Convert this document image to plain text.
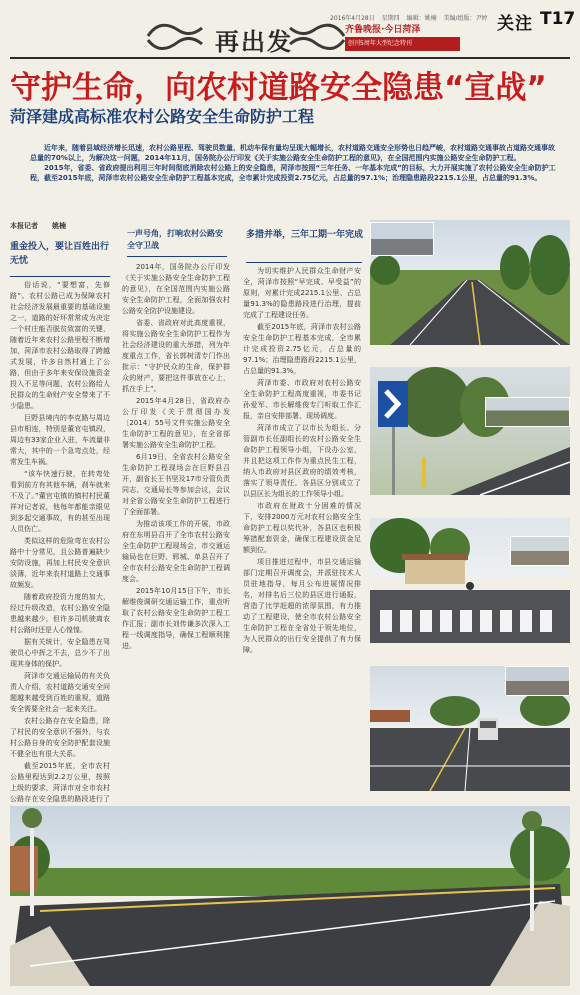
再出发	齐鲁晚报·今日菏泽
创刊5周年大型纪念特刊
2016年4月28日 星期四 编辑：姚楠 美编/组版：尹婷 关注 T17
守护生命，向农村道路安全隐患“宣战”
菏泽建成高标准农村公路安全生命防护工程

近年来，随着县域经济增长迅速，农村公路里程、驾驶员数量、机动车保有量均呈现大幅增长，农村道路交通安全形势也日趋严峻，农村道路交通事故占道路交通事故总量的70%以上，为解决这一问题，2014年11月，国务院办公厅印发《关于实施公路安全生命防护工程的意见》，在全国范围内实施公路安全生命防护工程。

2015年，省委、省政府提出利用三年时间彻底消除农村公路上的安全隐患，菏泽市按照“三年任务、一年基本完成”的目标，大力开展实施了农村公路安全生命防护工程，截至2015年底，菏泽市农村公路安全生命防护工程基本完成，全市累计完成投资2.75亿元，占总量的97.1%；治理隐患路段2215.1公里，占总量的91.3%。

本报记者 姚楠
重金投入，要让百姓出行无忧

俗话说，“要想富，先修路”。农村公路已成为保障农村社会经济发展最重要的基础设施之一，道路的好坏常常成为决定一个村庄能否脱贫致富的关键，随着近年来农村公路里程不断增加，菏泽市农村公路取得了跨越式发展，许多自然村通上了公路，但由于多年来安保设施资金投入不足等问题，农村公路给人民群众的生命财产安全带来了不少隐患。

巨野县境内的李克路与周边县市相连，特别是董官屯镇段，周边有33家企业入驻，车流量非常大，其中的一个急弯点处，经常发生车祸。

“该车快速行驶，在转弯处看到前方有其他车辆，刹车就来不及了。”董官屯镇的镇村村民董祥对记者说，他每年都能亲眼见到多起交通事故，有的甚至出现人员伤亡。

类似这样的危险弯在农村公路中十分常见，且公路普遍缺少安防设施，再加上村民安全意识淡薄，近年来农村道路上交通事故频发。

随着政府投资力度的加大，经过升级改造，农村公路安全隐患越来越少，但许多司机驶离农村公路时还是人心惶惶。

据有关统计，安全隐患在驾驶员心中挥之不去，总少不了出现其身体的保护。

菏泽市交通运输局的有关负责人介绍，农村道路交通安全问题越来越受到百姓的重视，道路安全需要全社会一起来关注。

农村公路存在安全隐患，除了村民的安全意识不强外，与农村公路自身的安全防护配套设施不健全也有很大关系。

截至2015年底，全市农村公路里程达到2.2万公里，按照上级的要求，菏泽市对全市农村公路存在安全隐患的路段进行了

一声号角，打响农村公路安全守卫战

2014年，国务院办公厅印发《关于实施公路安全生命防护工程的意见》，在全国范围内实施公路安全生命防护工程，全面加强农村公路安全防护设施建设。

省委、省政府对此高度重视，将实施公路安全生命防护工程作为社会经济建设的重大举措，列为年度重点工作，省长郭树清专门作出批示：“守护民众的生命，保护群众的财产，要把这件事放在心上，抓在手上”。

2015年4月28日，省政府办公厅印发《关于贯彻国办发〔2014〕55号文件实施公路安全生命防护工程的意见》，在全省部署实施公路安全生命防护工程。

6月19日，全省农村公路安全生命防护工程现场会在巨野县召开，副省长王书坚及17市分管负责同志、交通局长等参加会议，会议对全省公路安全生命防护工程进行了全面部署。

为推动该项工作的开展，市政府在东明县召开了全市农村公路安全生命防护工程现场会，市交通运输局也在巨野、郓城、单县召开了全市农村公路安全生命防护工程调度会。

2015年10月15日下午，市长解维俊调研交通运输工作，重点听取了农村公路安全生命防护工程工作汇报；副市长刘传谦多次深入工程一线调度指导，确保工程顺利推进。

多措并举，三年工期一年完成

为切实维护人民群众生命财产安全，菏泽市按照“早完成、早受益”的原则，对累计完成2215.1公里、占总量91.3%的隐患路段进行治理，提前完成了工程建设任务。

截至2015年底，菏泽市农村公路安全生命防护工程基本完成，全市累计完成投资2.75亿元，占总量的97.1%；治理隐患路段2215.1公里，占总量的91.3%。

菏泽市委、市政府对农村公路安全生命防护工程高度重视，市委书记孙爱军、市长解维俊专门听取工作汇报，亲自安排部署、现场调度。

菏泽市成立了以市长为组长、分管副市长任副组长的农村公路安全生命防护工程领导小组，下设办公室，并且把这项工作作为重点民生工程，纳入市政府对县区政府的绩效考核，落实了领导责任，各县区分别成立了以县区长为组长的工作领导小组。

市政府在财政十分困难的情况下，安排2000万元对农村公路安全生命防护工程以奖代补，各县区也积极筹措配套资金，确保工程建设资金足额到位。

项目推进过程中，市县交通运输部门定期召开调度会，并派驻技术人员驻地指导，每月公布进展情况排名，对排名后三位的县区进行通报，营造了比学赶超的浓厚氛围，有力推动了工程建设，使全市农村公路安全生命防护工程在全省处于领先地位，为人民群众的出行安全提供了有力保障。
